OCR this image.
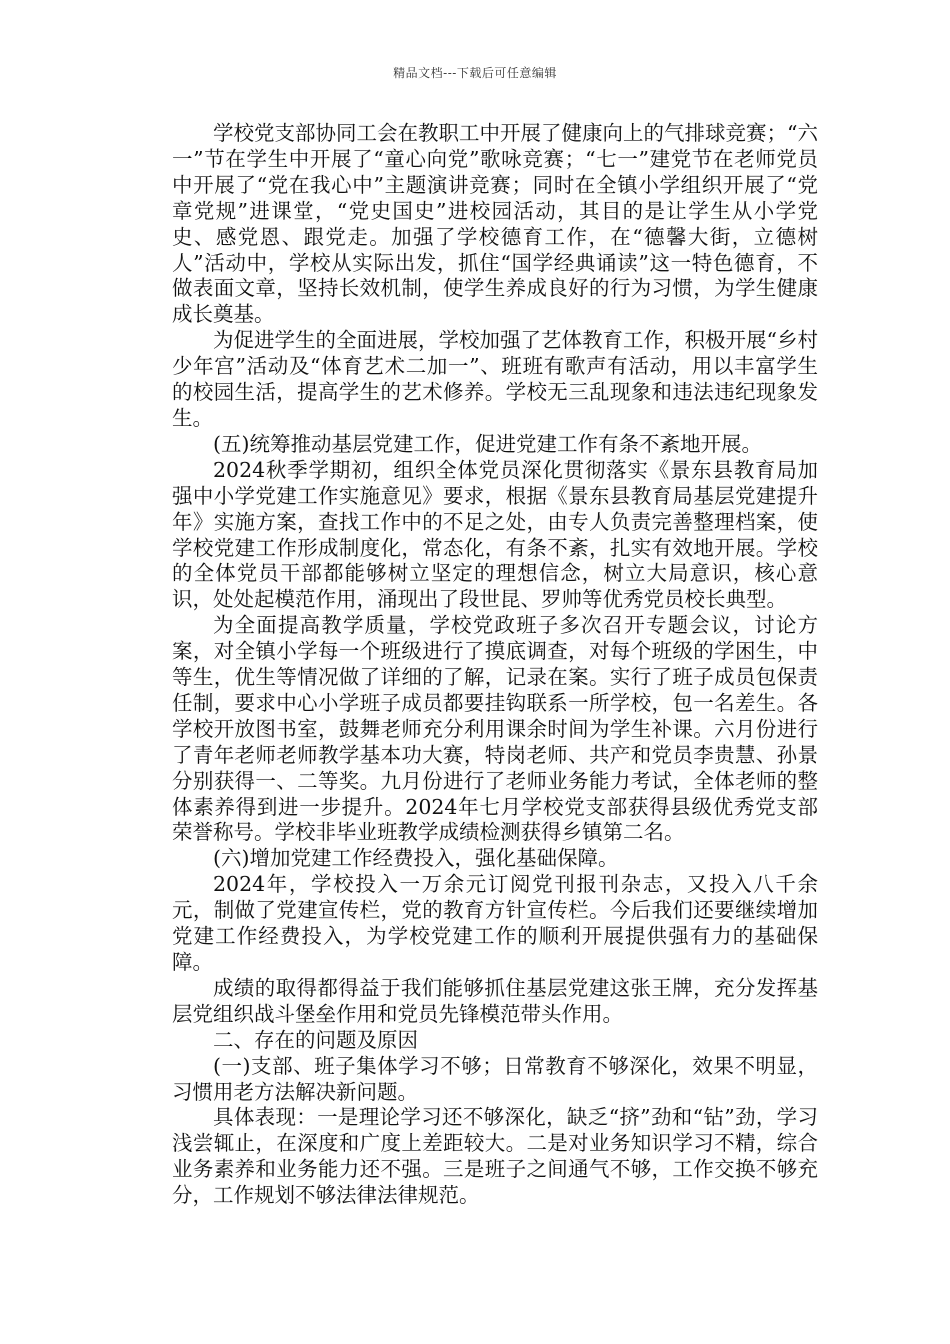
精品文档---下载后可任意编辑

学校党支部协同工会在教职工中开展了健康向上的气排球竞赛；“六一”节在学生中开展了“童心向党”歌咏竞赛；“七一”建党节在老师党员中开展了“党在我心中”主题演讲竞赛；同时在全镇小学组织开展了“党章党规”进课堂，“党史国史”进校园活动，其目的是让学生从小学党史、感党恩、跟党走。加强了学校德育工作，在“德馨大街，立德树人”活动中，学校从实际出发，抓住“国学经典诵读”这一特色德育，不做表面文章，坚持长效机制，使学生养成良好的行为习惯，为学生健康成长奠基。

为促进学生的全面进展，学校加强了艺体教育工作，积极开展“乡村少年宫”活动及“体育艺术二加一”、班班有歌声有活动，用以丰富学生的校园生活，提高学生的艺术修养。学校无三乱现象和违法违纪现象发生。

(五)统筹推动基层党建工作，促进党建工作有条不紊地开展。

2024秋季学期初，组织全体党员深化贯彻落实《景东县教育局加强中小学党建工作实施意见》要求，根据《景东县教育局基层党建提升年》实施方案，查找工作中的不足之处，由专人负责完善整理档案，使学校党建工作形成制度化，常态化，有条不紊，扎实有效地开展。学校的全体党员干部都能够树立坚定的理想信念，树立大局意识，核心意识，处处起模范作用，涌现出了段世昆、罗帅等优秀党员校长典型。

为全面提高教学质量，学校党政班子多次召开专题会议，讨论方案，对全镇小学每一个班级进行了摸底调查，对每个班级的学困生，中等生，优生等情况做了详细的了解，记录在案。实行了班子成员包保责任制，要求中心小学班子成员都要挂钩联系一所学校，包一名差生。各学校开放图书室，鼓舞老师充分利用课余时间为学生补课。六月份进行了青年老师老师教学基本功大赛，特岗老师、共产和党员李贵慧、孙景分别获得一、二等奖。九月份进行了老师业务能力考试，全体老师的整体素养得到进一步提升。2024年七月学校党支部获得县级优秀党支部荣誉称号。学校非毕业班教学成绩检测获得乡镇第二名。

(六)增加党建工作经费投入，强化基础保障。

2024年，学校投入一万余元订阅党刊报刊杂志，又投入八千余元，制做了党建宣传栏，党的教育方针宣传栏。今后我们还要继续增加党建工作经费投入，为学校党建工作的顺利开展提供强有力的基础保障。

成绩的取得都得益于我们能够抓住基层党建这张王牌，充分发挥基层党组织战斗堡垒作用和党员先锋模范带头作用。

二、存在的问题及原因

(一)支部、班子集体学习不够；日常教育不够深化，效果不明显，习惯用老方法解决新问题。

具体表现：一是理论学习还不够深化，缺乏“挤”劲和“钻”劲，学习浅尝辄止，在深度和广度上差距较大。二是对业务知识学习不精，综合业务素养和业务能力还不强。三是班子之间通气不够，工作交换不够充分，工作规划不够法律法律规范。
